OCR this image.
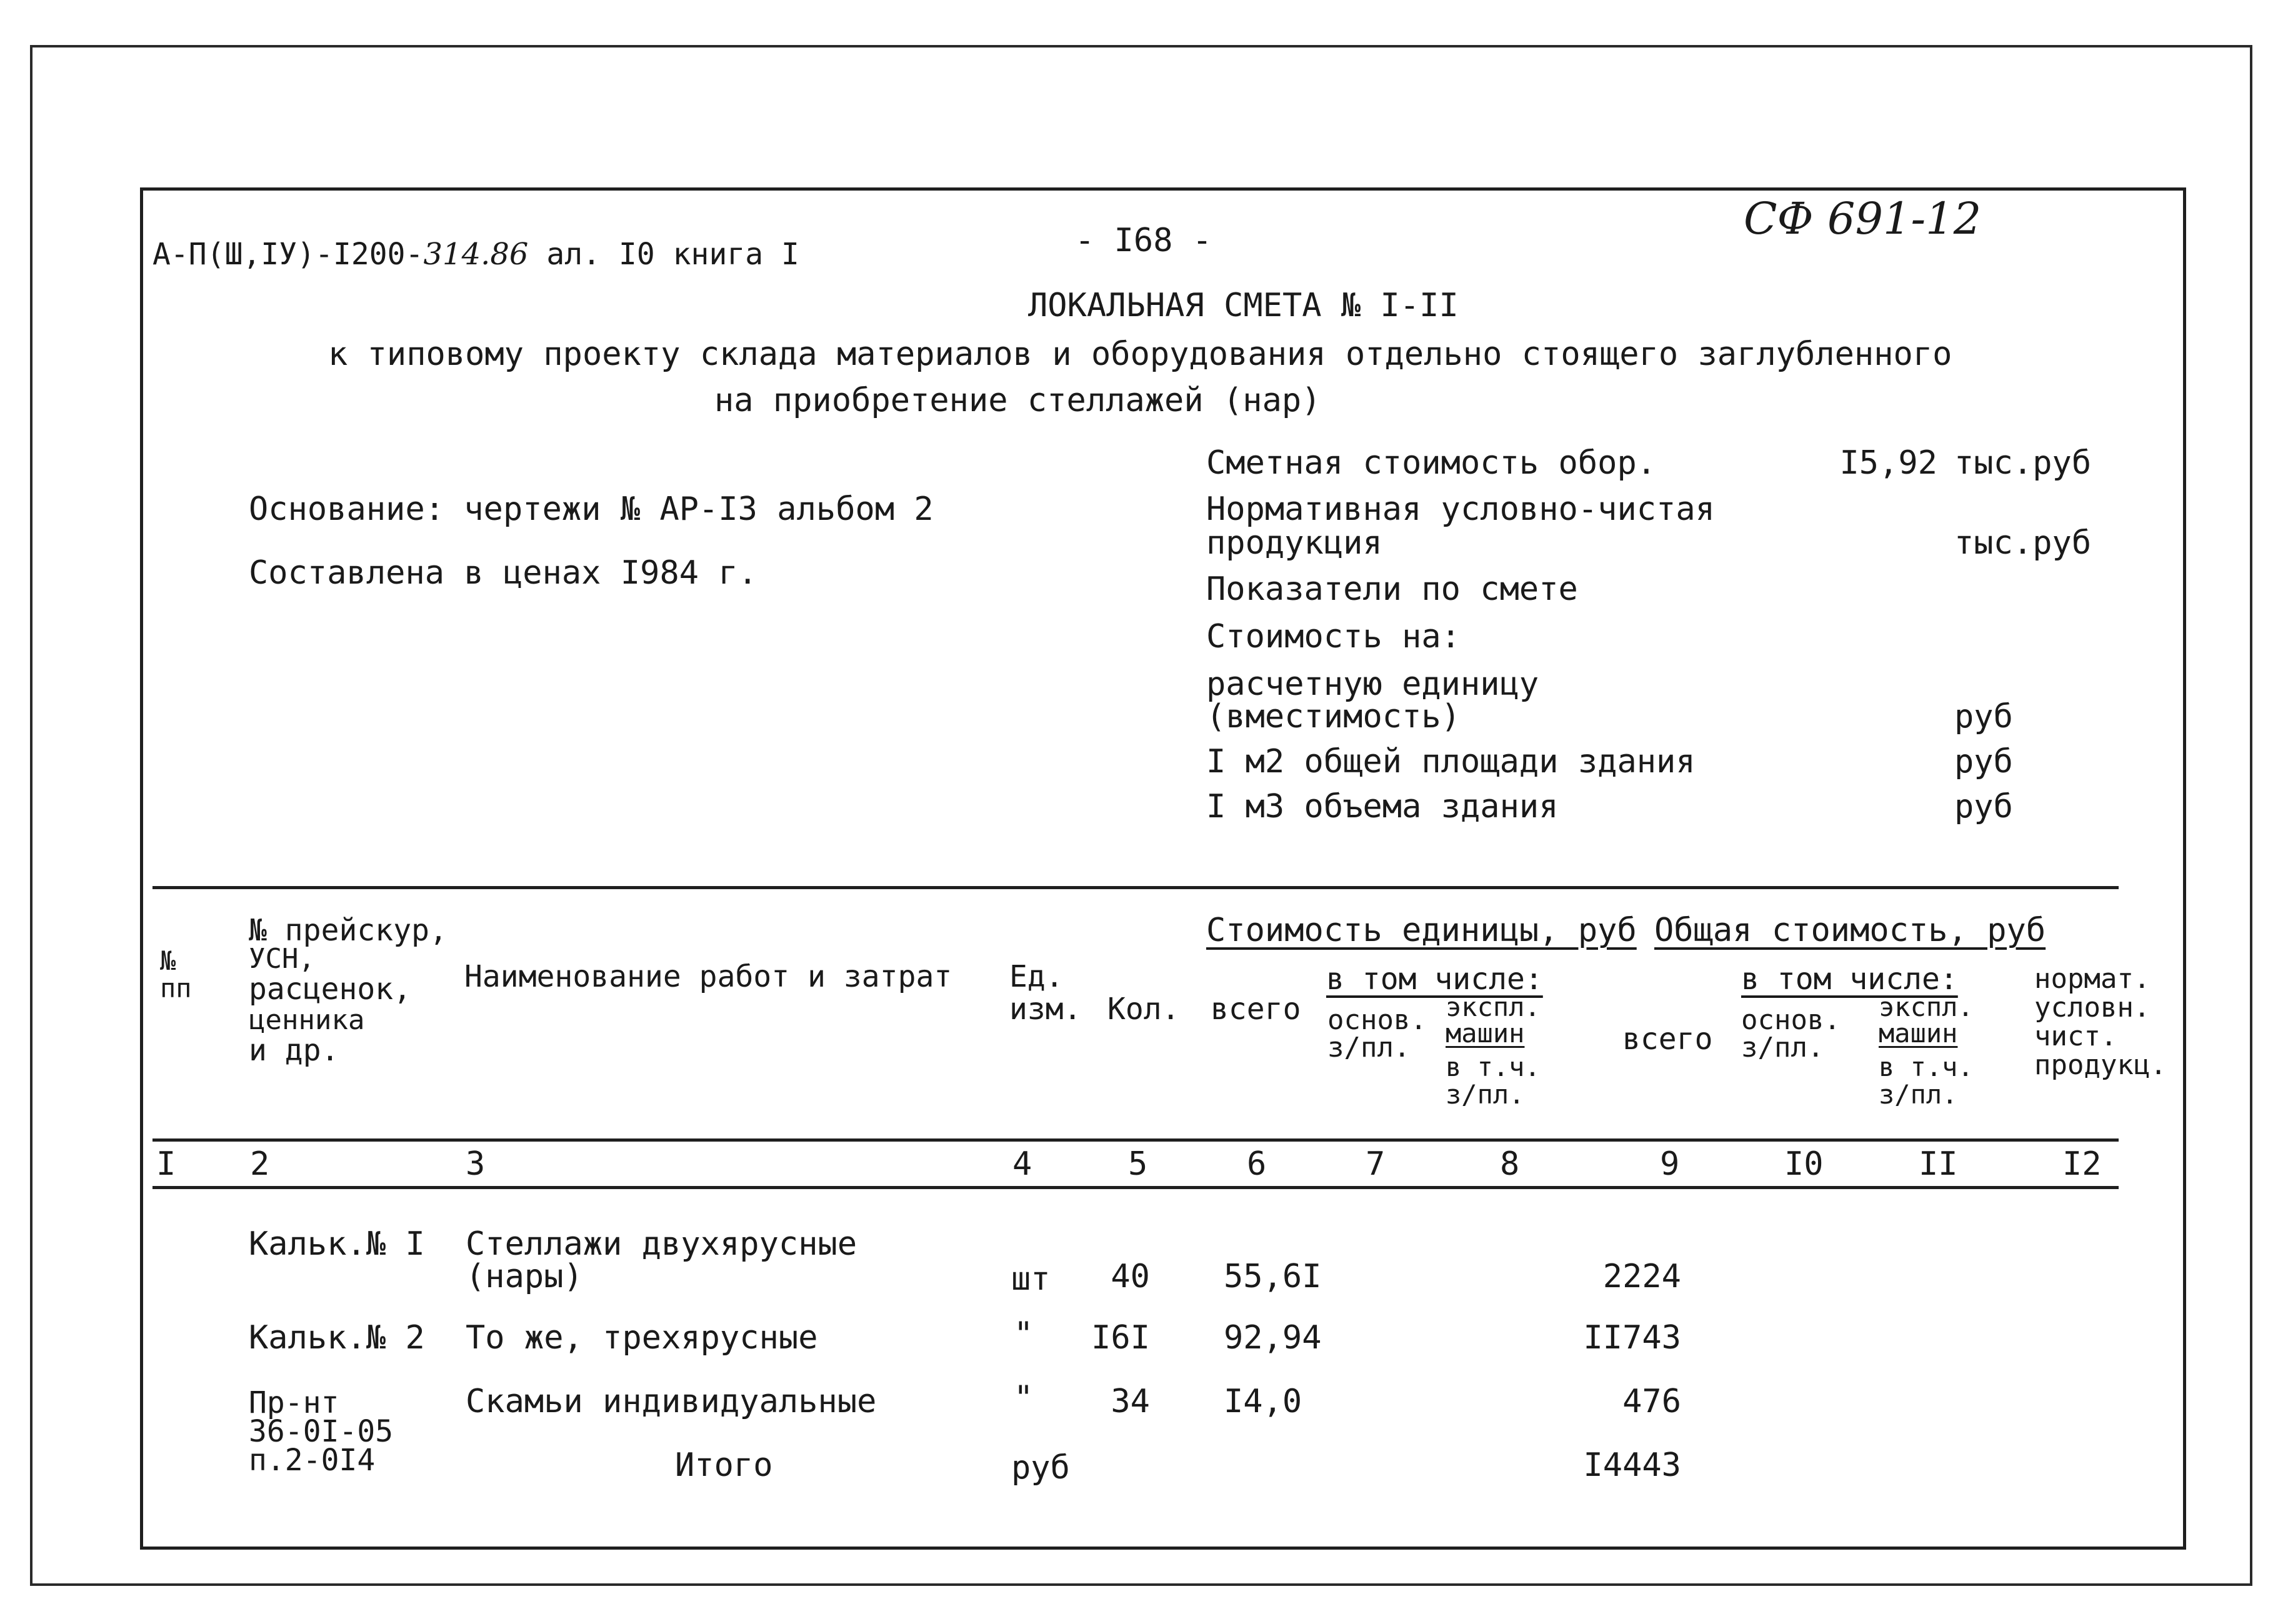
СФ 691-12
А-П(Ш,IУ)-I200-314.86 ал. I0 книга I	- I68 -
ЛОКАЛЬНАЯ СМЕТА № I-II
к типовому проекту склада материалов и оборудования отдельно стоящего заглубленного
на приобретение стеллажей (нар)
Основание: чертежи № АР-I3 альбом 2
Составлена в ценах I984 г.
Сметная стоимость обор.	I5,92 тыс.руб
Нормативная условно-чистая
продукция	тыс.руб
Показатели по смете
Стоимость на:
расчетную единицу
(вместимость)	руб
I м2 общей площади здания	руб
I м3 объема здания	руб
№
пп
№ прейскур,
УСН,
расценок,
ценника
и др.
Наименование работ и затрат Ед.
изм. Кол.
Стоимость единицы, руб Общая стоимость, руб
всего
в том числе:
основ.
з/пл.
экспл.
машин
в т.ч.
з/пл.
всего
в том числе:
основ.
з/пл.
экспл.
машин
в т.ч.
з/пл.
нормат.
условн.
чист.
продукц.
I 2	3	4	5	6	7	8	9	I0	II	I2
Кальк.№ I Стеллажи двухярусные
(нары)	шт	40 55,6I	2224
Кальк.№ 2 То же, трехярусные	"	I6I 92,94	II743
Пр-нт
36-0I-05
п.2-0I4
Скамьи индивидуальные	"	34 I4,0	476
Итого	руб	I4443
